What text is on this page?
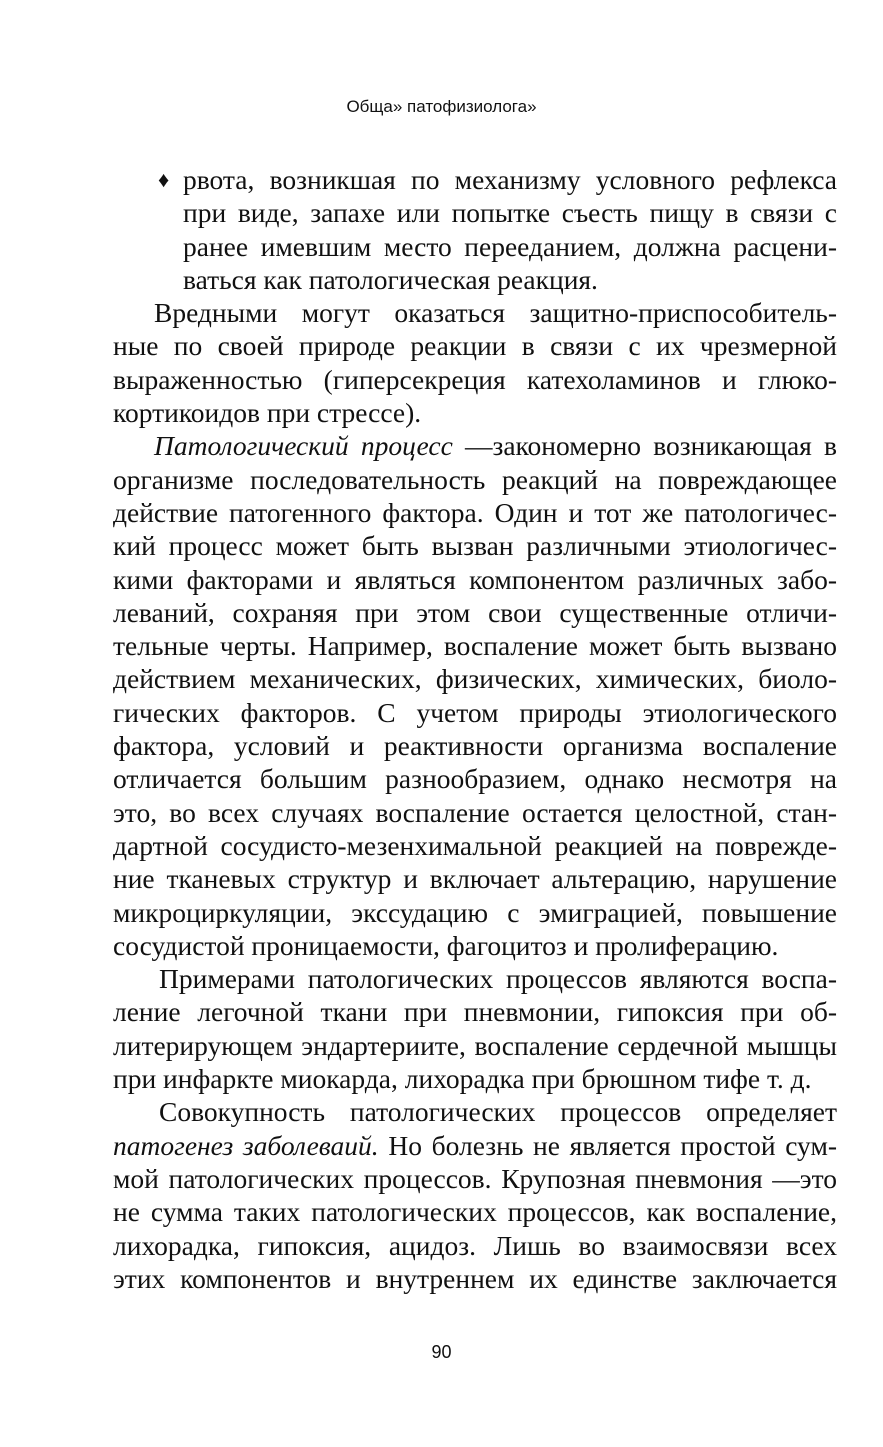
Обща» патофизиолога»
♦ рвота, возникшая по механизму условного рефлекса
при виде, запахе или попытке съесть пищу в связи с
ранее имевшим место перееданием, должна расцени-
ваться как патологическая реакция.
Вредными могут оказаться защитно-приспособитель-
ные по своей природе реакции в связи с их чрезмерной
выраженностью (гиперсекреция катехоламинов и глюко-
кортикоидов при стрессе).
Патологический процесс —закономерно возникающая в
организме последовательность реакций на повреждающее
действие патогенного фактора. Один и тот же патологичес-
кий процесс может быть вызван различными этиологичес-
кими факторами и являться компонентом различных забо-
леваний, сохраняя при этом свои существенные отличи-
тельные черты. Например, воспаление может быть вызвано
действием механических, физических, химических, биоло-
гических факторов. С учетом природы этиологического
фактора, условий и реактивности организма воспаление
отличается большим разнообразием, однако несмотря на
это, во всех случаях воспаление остается целостной, стан-
дартной сосудисто-мезенхимальной реакцией на поврежде-
ние тканевых структур и включает альтерацию, нарушение
микроциркуляции, экссудацию с эмиграцией, повышение
сосудистой проницаемости, фагоцитоз и пролиферацию.
Примерами патологических процессов являются воспа-
ление легочной ткани при пневмонии, гипоксия при об-
литерирующем эндартериите, воспаление сердечной мышцы
при инфаркте миокарда, лихорадка при брюшном тифе т. д.
Совокупность патологических процессов определяет
патогенез заболеваий. Но болезнь не является простой сум-
мой патологических процессов. Крупозная пневмония —это
не сумма таких патологических процессов, как воспаление,
лихорадка, гипоксия, ацидоз. Лишь во взаимосвязи всех
этих компонентов и внутреннем их единстве заключается
90
